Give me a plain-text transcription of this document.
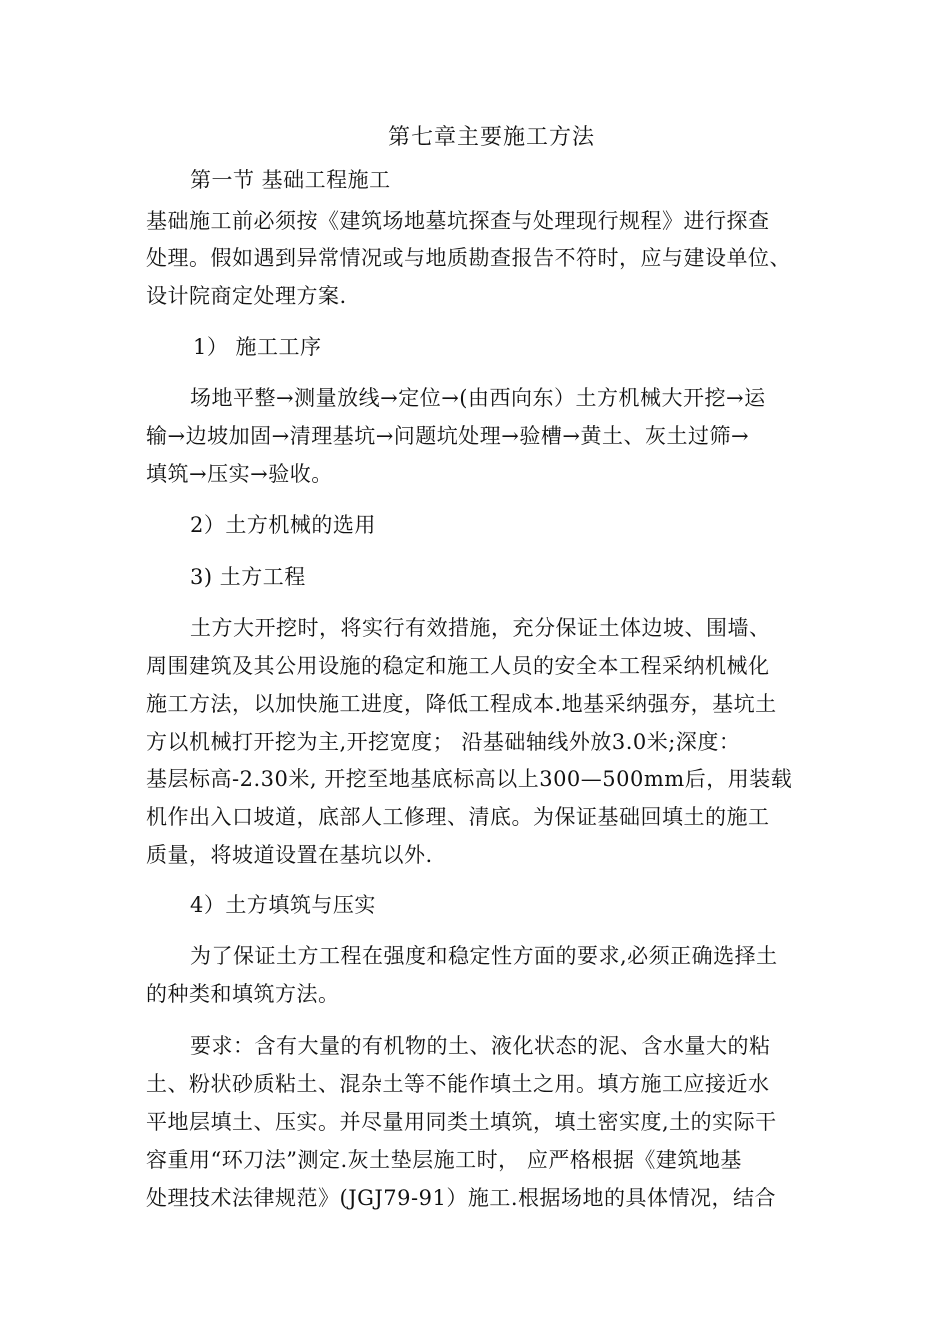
第七章主要施工方法
第一节 基础工程施工
基础施工前必须按《建筑场地墓坑探查与处理现行规程》进行探查
处理。假如遇到异常情况或与地质勘查报告不符时，应与建设单位、
设计院商定处理方案.
1） 施工工序
场地平整→测量放线→定位→(由西向东）土方机械大开挖→运
输→边坡加固→清理基坑→问题坑处理→验槽→黄土、灰土过筛→
填筑→压实→验收。
2）土方机械的选用
3) 土方工程
土方大开挖时，将实行有效措施，充分保证土体边坡、围墙、
周围建筑及其公用设施的稳定和施工人员的安全本工程采纳机械化
施工方法，以加快施工进度，降低工程成本.地基采纳强夯，基坑土
方以机械打开挖为主,开挖宽度； 沿基础轴线外放3.0米;深度：
基层标高-2.30米, 开挖至地基底标高以上300—500mm后，用装载
机作出入口坡道，底部人工修理、清底。为保证基础回填土的施工
质量，将坡道设置在基坑以外.
4）土方填筑与压实
为了保证土方工程在强度和稳定性方面的要求,必须正确选择土
的种类和填筑方法。
要求：含有大量的有机物的土、液化状态的泥、含水量大的粘
土、粉状砂质粘土、混杂土等不能作填土之用。填方施工应接近水
平地层填土、压实。并尽量用同类土填筑，填土密实度,土的实际干
容重用“环刀法”测定.灰土垫层施工时， 应严格根据《建筑地基
处理技术法律规范》(JGJ79-91）施工.根据场地的具体情况，结合
